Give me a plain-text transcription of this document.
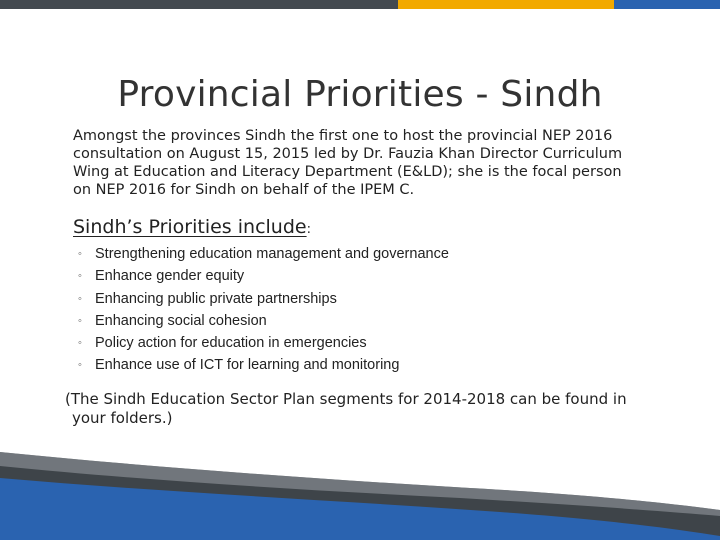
Provincial Priorities - Sindh

Amongst the provinces Sindh the first one to host the provincial NEP 2016
consultation on August 15, 2015 led by Dr. Fauzia Khan Director Curriculum
Wing at Education and Literacy Department (E&LD); she is the focal person
on NEP 2016 for Sindh on behalf of the IPEM C.

Sindh’s Priorities include:

◦ Strengthening education management and governance
◦ Enhance gender equity
◦ Enhancing public private partnerships
◦ Enhancing social cohesion
◦ Policy action for education in emergencies
◦ Enhance use of ICT for learning and monitoring

(The Sindh Education Sector Plan segments for 2014-2018 can be found in
your folders.)
